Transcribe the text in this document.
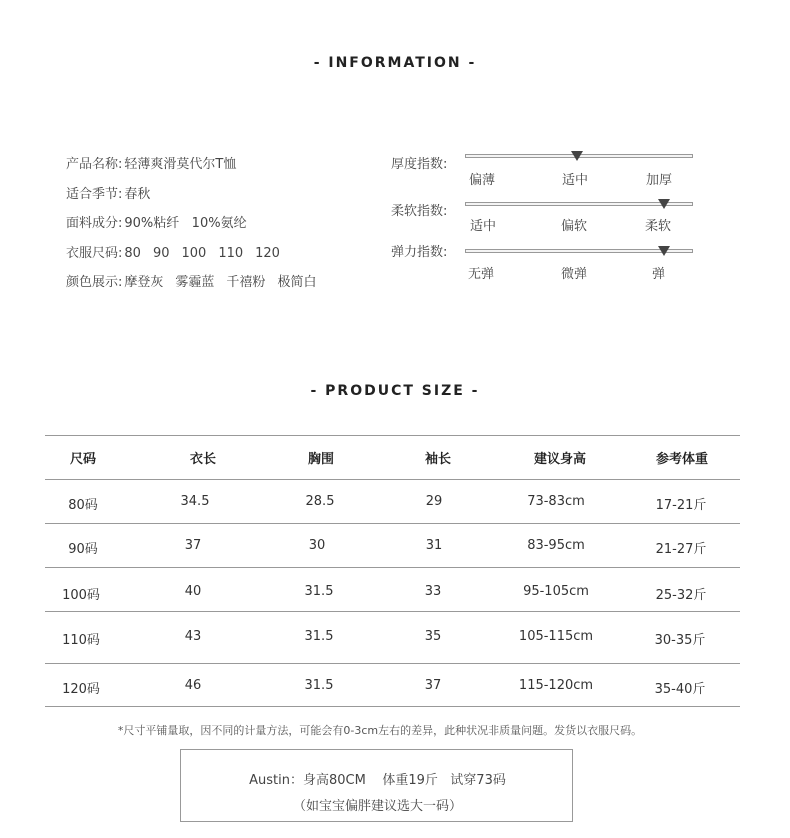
- INFORMATION -
产品名称: 轻薄爽滑莫代尔T恤
适合季节: 春秋
面料成分: 90%粘纤   10%氨纶
衣服尺码: 80 90 100 110 120
颜色展示: 摩登灰 雾霾蓝 千禧粉 极简白
厚度指数:
偏薄	适中	加厚
柔软指数:
适中	偏软	柔软
弹力指数:
无弹	微弹	弹
- PRODUCT SIZE -
尺码	衣长	胸围	袖长	建议身高	参考体重
80码	34.5	28.5	29	73-83cm	17-21斤
90码	37	30	31	83-95cm	21-27斤
100码	40	31.5	33	95-105cm	25-32斤
110码	43	31.5	35	105-115cm	30-35斤
120码	46	31.5	37	115-120cm	35-40斤
*尺寸平铺量取，因不同的计量方法，可能会有0-3cm左右的差异，此种状况非质量问题。发货以衣服尺码。
Austin：身高80CM    体重19斤   试穿73码
（如宝宝偏胖建议选大一码）
